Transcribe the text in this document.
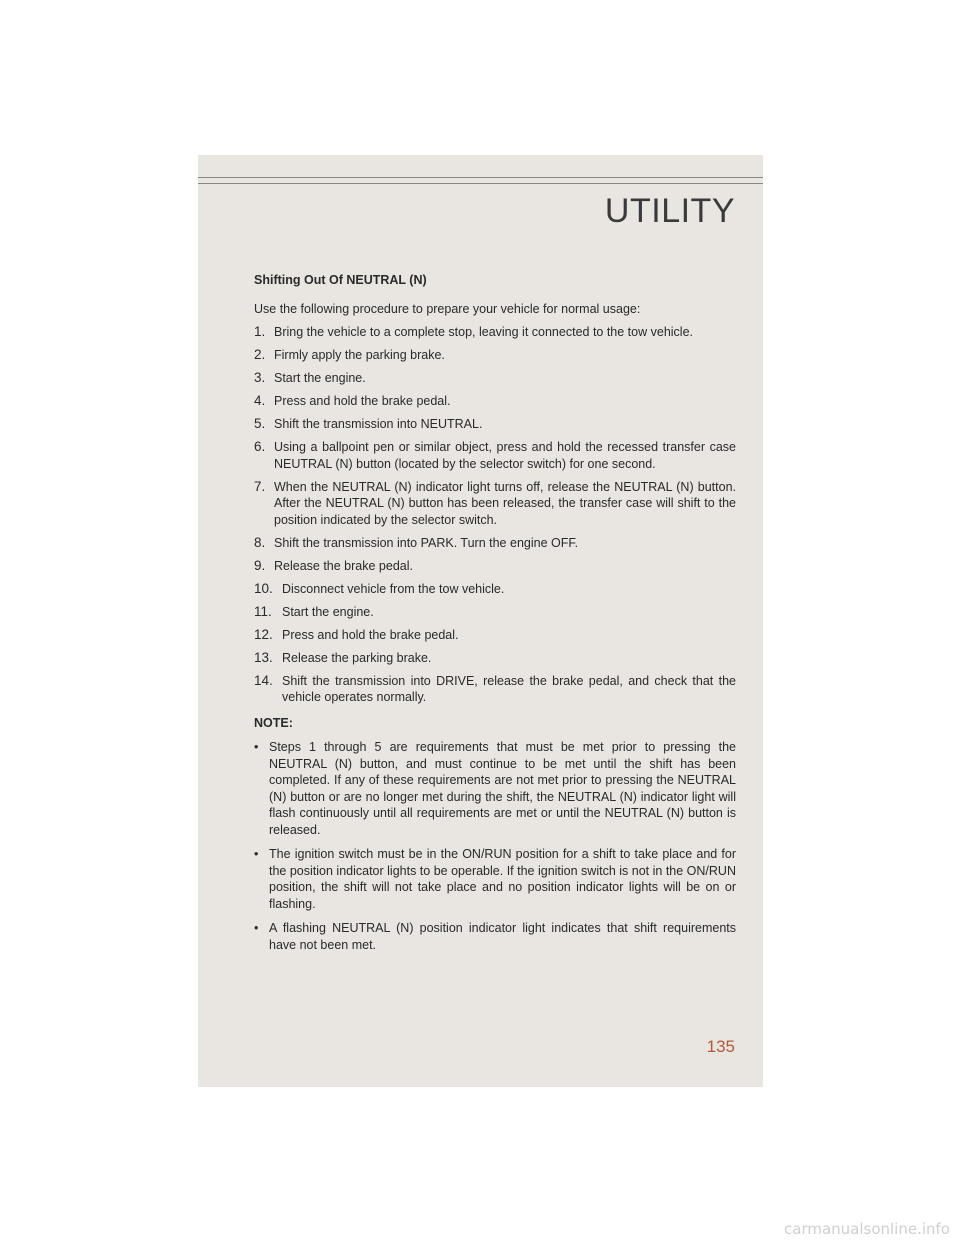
UTILITY

Shifting Out Of NEUTRAL (N)

Use the following procedure to prepare your vehicle for normal usage:

1. Bring the vehicle to a complete stop, leaving it connected to the tow vehicle.
2. Firmly apply the parking brake.
3. Start the engine.
4. Press and hold the brake pedal.
5. Shift the transmission into NEUTRAL.
6. Using a ballpoint pen or similar object, press and hold the recessed transfer case NEUTRAL (N) button (located by the selector switch) for one second.
7. When the NEUTRAL (N) indicator light turns off, release the NEUTRAL (N) button. After the NEUTRAL (N) button has been released, the transfer case will shift to the position indicated by the selector switch.
8. Shift the transmission into PARK. Turn the engine OFF.
9. Release the brake pedal.
10. Disconnect vehicle from the tow vehicle.
11. Start the engine.
12. Press and hold the brake pedal.
13. Release the parking brake.
14. Shift the transmission into DRIVE, release the brake pedal, and check that the vehicle operates normally.

NOTE:

• Steps 1 through 5 are requirements that must be met prior to pressing the NEUTRAL (N) button, and must continue to be met until the shift has been completed. If any of these requirements are not met prior to pressing the NEUTRAL (N) button or are no longer met during the shift, the NEUTRAL (N) indicator light will flash continuously until all requirements are met or until the NEUTRAL (N) button is released.
• The ignition switch must be in the ON/RUN position for a shift to take place and for the position indicator lights to be operable. If the ignition switch is not in the ON/RUN position, the shift will not take place and no position indicator lights will be on or flashing.
• A flashing NEUTRAL (N) position indicator light indicates that shift requirements have not been met.

135

carmanualsonline.info
